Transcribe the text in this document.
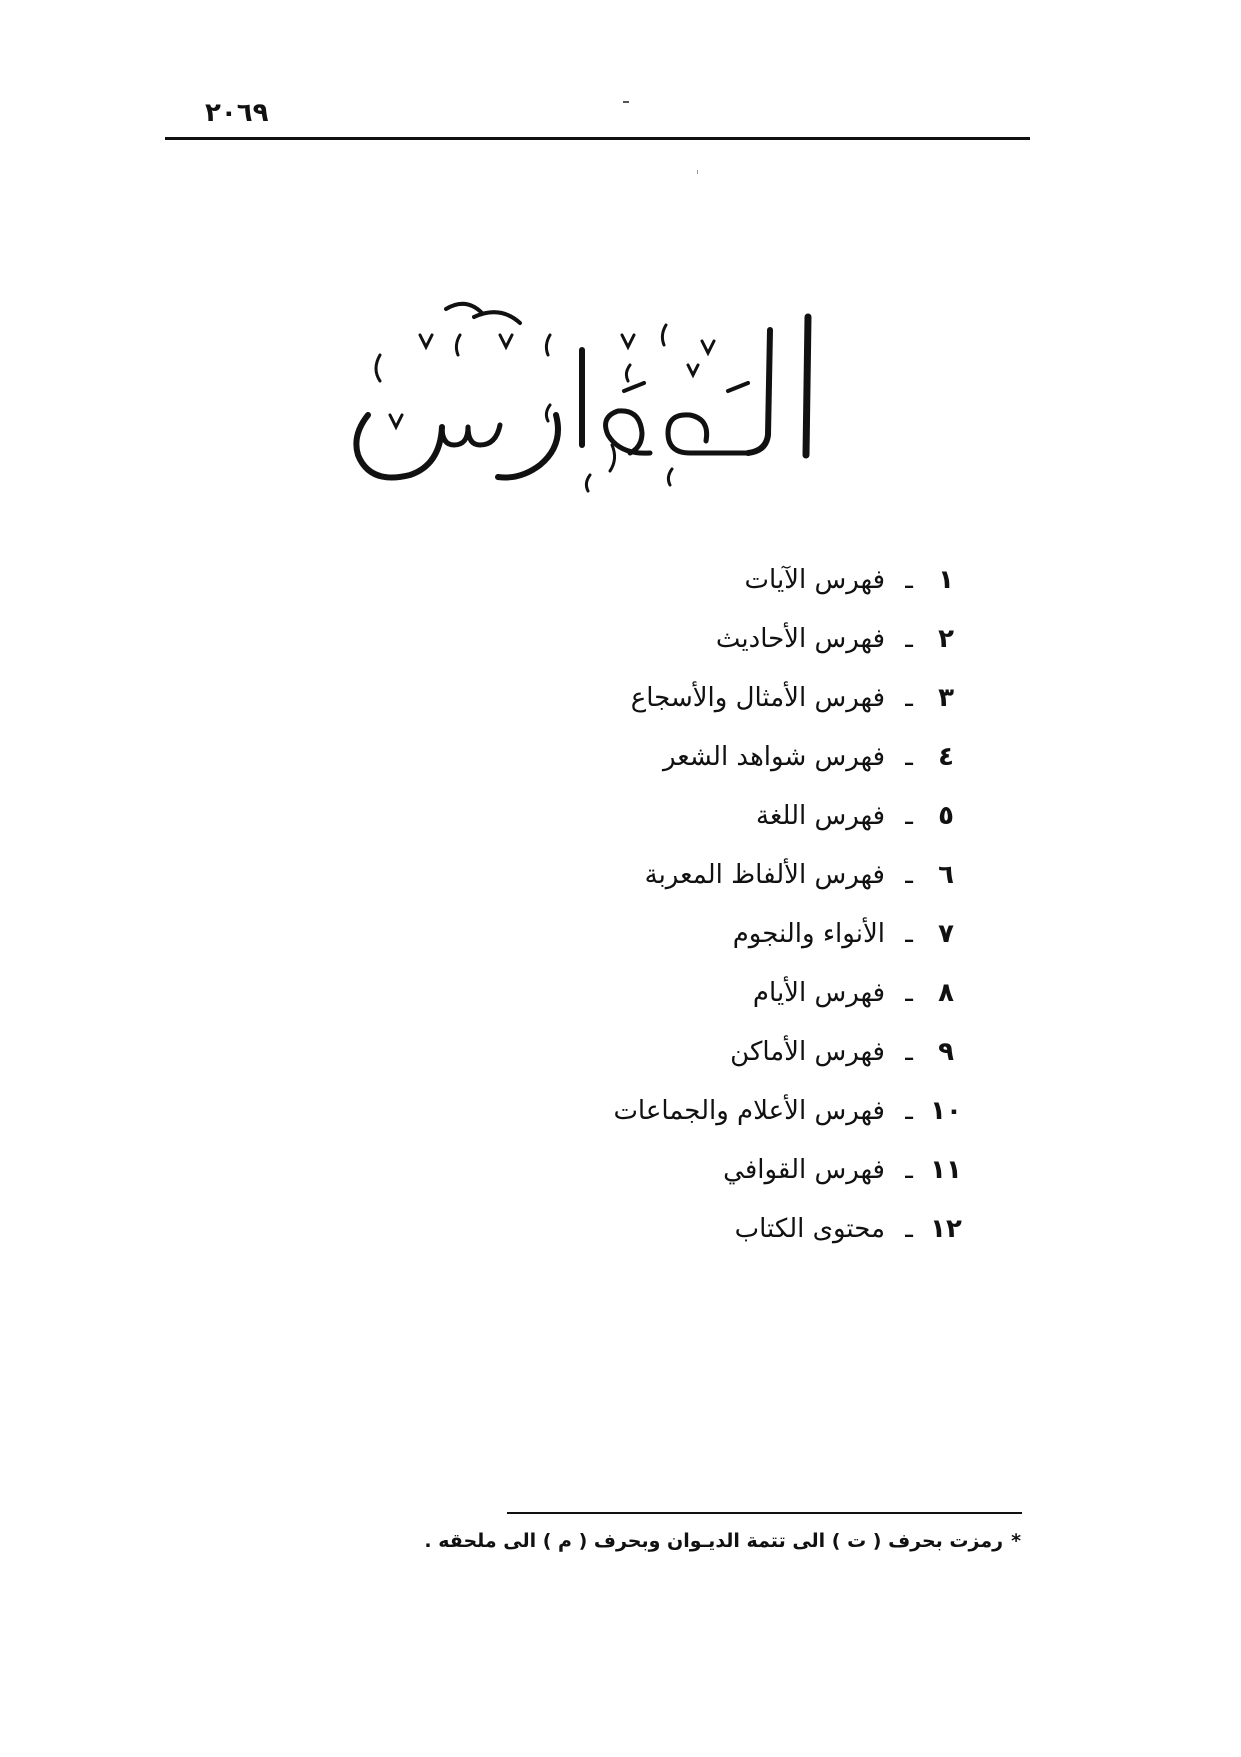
٢٠٦٩
١
ـ
فهرس الآيات
٢
ـ
فهرس الأحاديث
٣
ـ
فهرس الأمثال والأسجاع
٤
ـ
فهرس شواهد الشعر
٥
ـ
فهرس اللغة
٦
ـ
فهرس الألفاظ المعربة
٧
ـ
الأنواء والنجوم
٨
ـ
فهرس الأيام
٩
ـ
فهرس الأماكن
١٠
ـ
فهرس الأعلام والجماعات
١١
ـ
فهرس القوافي
١٢
ـ
محتوى الكتاب
*رمزت بحرف ( ت ) الى تتمة الديـوان وبحرف ( م ) الى ملحقه .
